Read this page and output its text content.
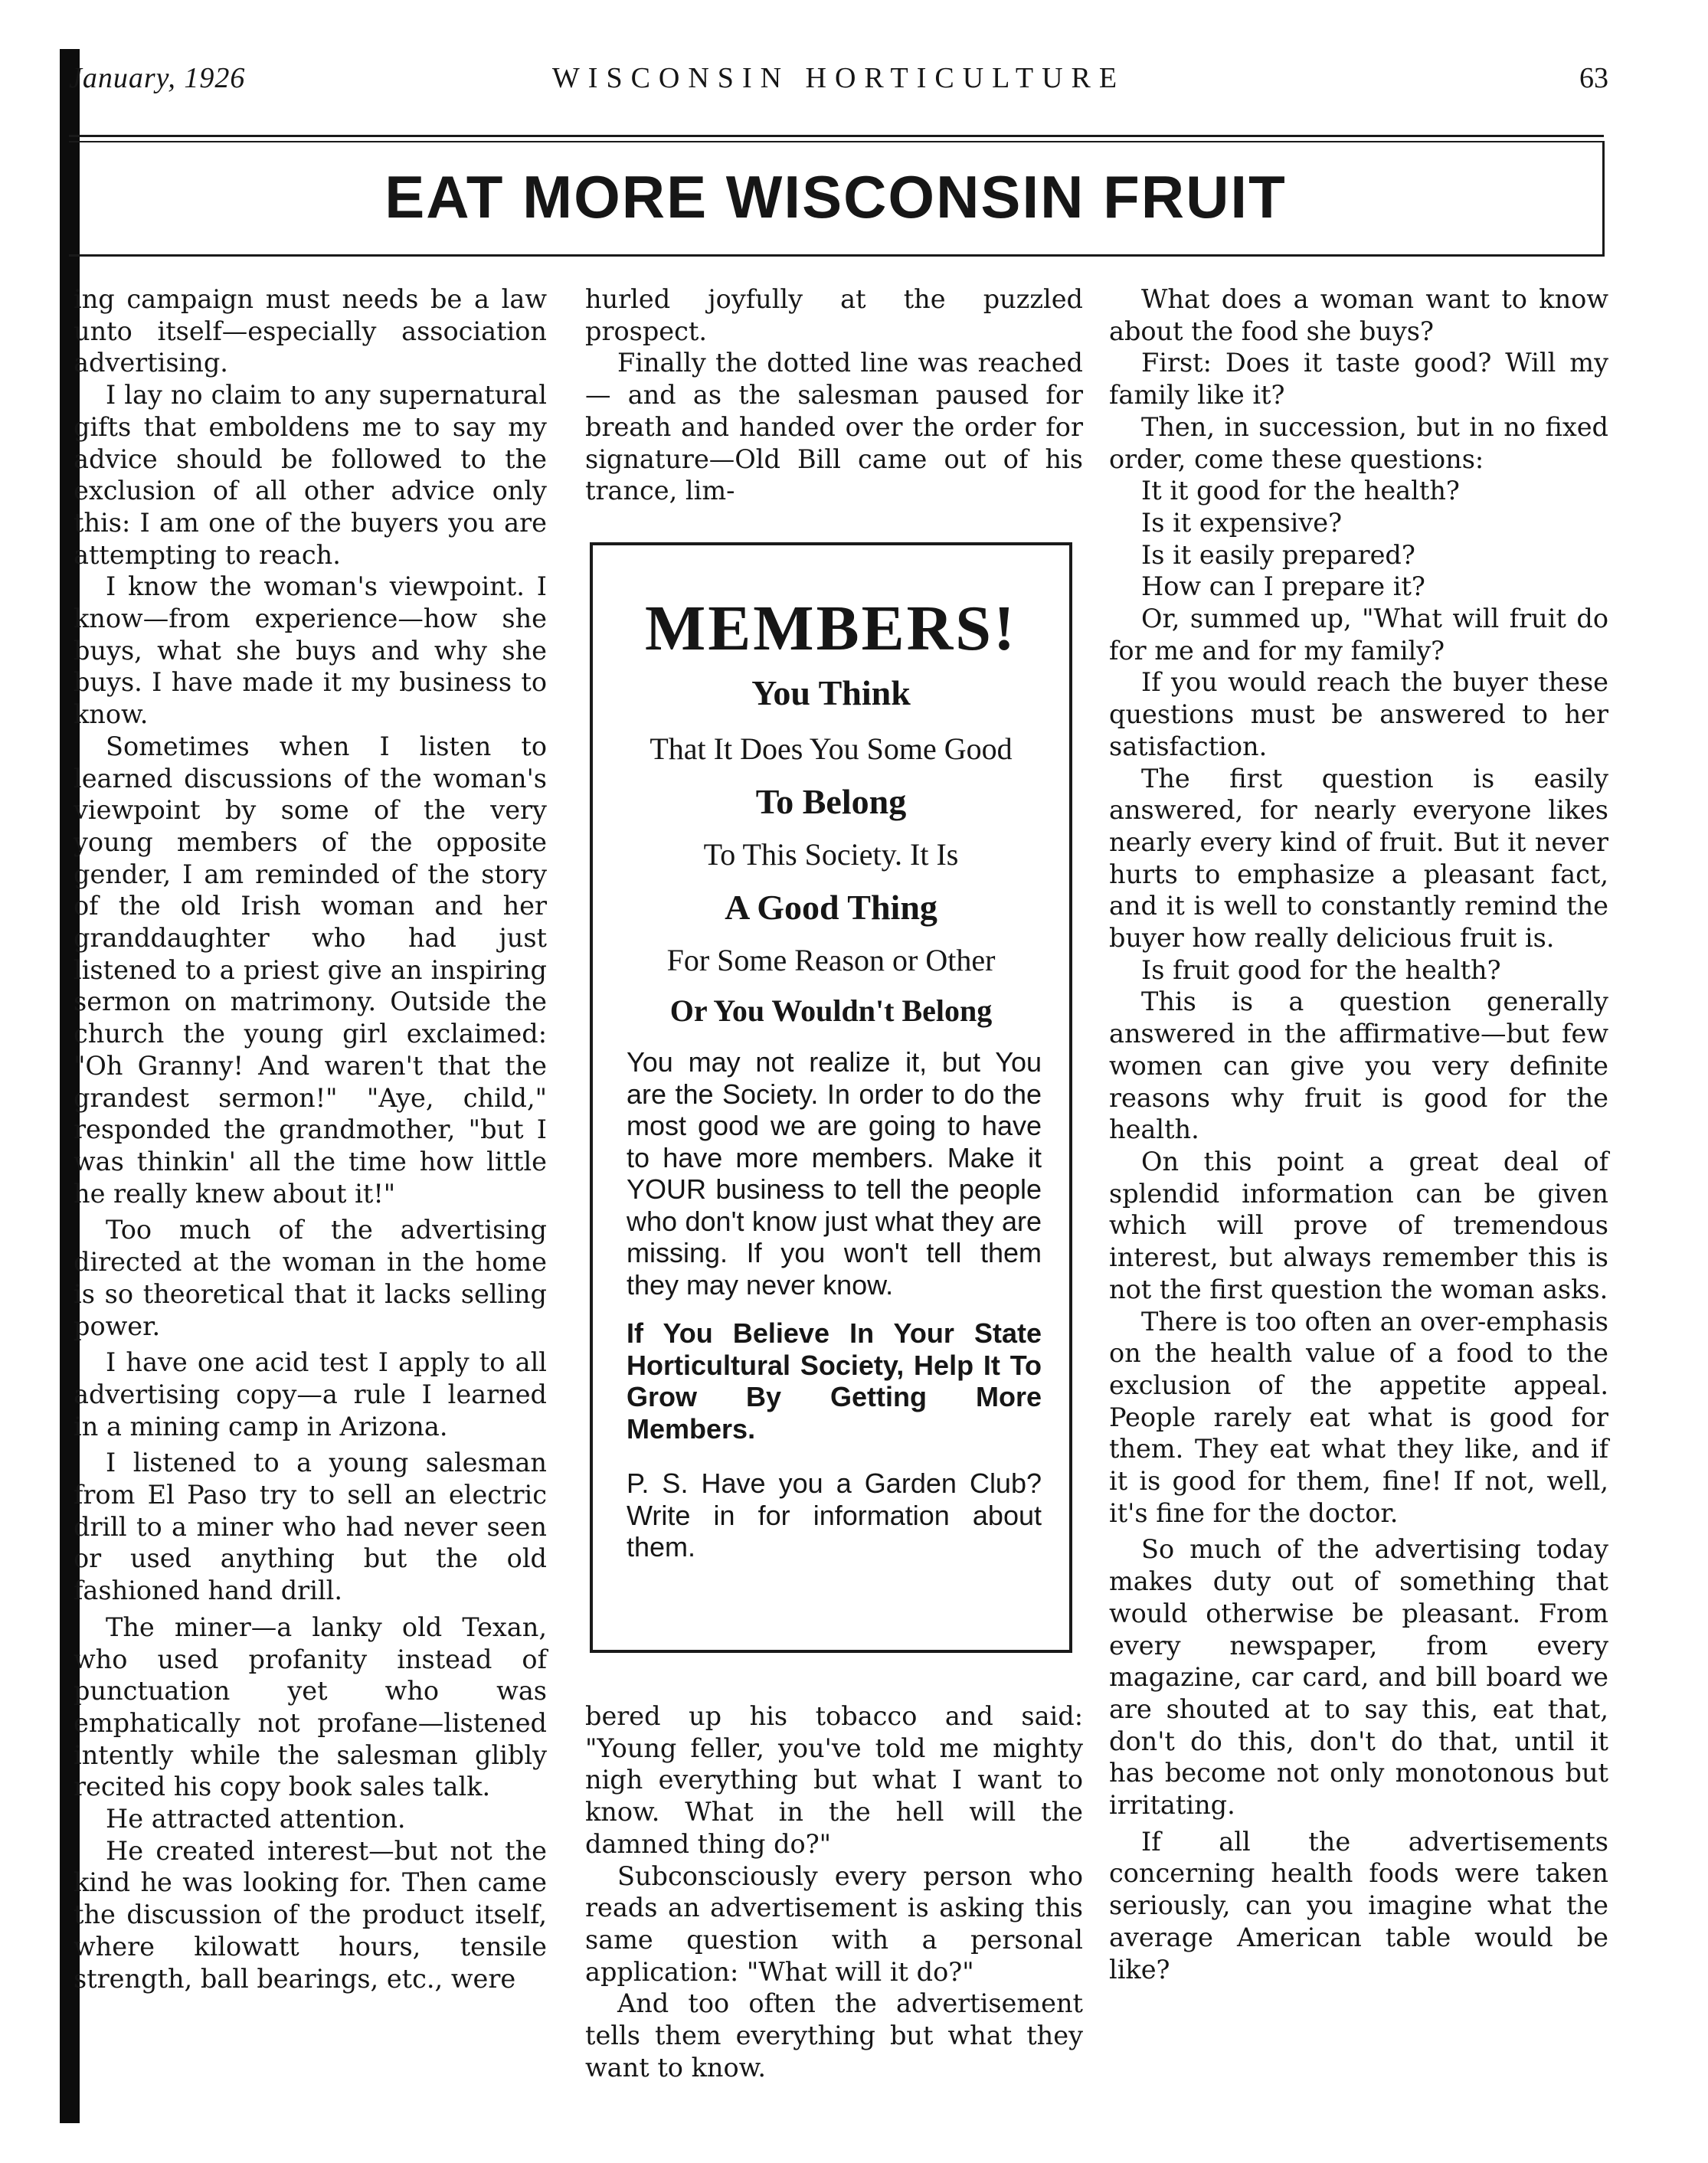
January, 1926	WISCONSIN HORTICULTURE	63
EAT MORE WISCONSIN FRUIT

ing campaign must needs be a law unto itself—especially association advertising.

I lay no claim to any supernatural gifts that emboldens me to say my advice should be followed to the exclusion of all other advice only this: I am one of the buyers you are attempting to reach.

I know the woman's viewpoint. I know—from experience—how she buys, what she buys and why she buys. I have made it my business to know.

Sometimes when I listen to learned discussions of the woman's viewpoint by some of the very young members of the opposite gender, I am reminded of the story of the old Irish woman and her granddaughter who had just listened to a priest give an inspiring sermon on matrimony. Outside the church the young girl exclaimed: "Oh Granny! And waren't that the grandest sermon!" "Aye, child," responded the grandmother, "but I was thinkin' all the time how little he really knew about it!"

Too much of the advertising directed at the woman in the home is so theoretical that it lacks selling power.

I have one acid test I apply to all advertising copy—a rule I learned in a mining camp in Arizona.

I listened to a young salesman from El Paso try to sell an electric drill to a miner who had never seen or used anything but the old fashioned hand drill.

The miner—a lanky old Texan, who used profanity instead of punctuation yet who was emphatically not profane—listened intently while the salesman glibly recited his copy book sales talk.

He attracted attention.

He created interest—but not the kind he was looking for. Then came the discussion of the product itself, where kilowatt hours, tensile strength, ball bearings, etc., were

hurled joyfully at the puzzled prospect.

Finally the dotted line was reached — and as the salesman paused for breath and handed over the order for signature—Old Bill came out of his trance, lim-

MEMBERS!
You Think
That It Does You Some Good
To Belong
To This Society. It Is
A Good Thing
For Some Reason or Other
Or You Wouldn't Belong
You may not realize it, but You are the Society. In order to do the most good we are going to have to have more members. Make it YOUR business to tell the people who don't know just what they are missing. If you won't tell them they may never know.
If You Believe In Your State Horticultural Society, Help It To Grow By Getting More Members.
P. S. Have you a Garden Club? Write in for information about them.

bered up his tobacco and said: "Young feller, you've told me mighty nigh everything but what I want to know. What in the hell will the damned thing do?"

Subconsciously every person who reads an advertisement is asking this same question with a personal application: "What will it do?"

And too often the advertisement tells them everything but what they want to know.

What does a woman want to know about the food she buys?

First: Does it taste good? Will my family like it?

Then, in succession, but in no fixed order, come these questions:

It it good for the health?

Is it expensive?

Is it easily prepared?

How can I prepare it?

Or, summed up, "What will fruit do for me and for my family?

If you would reach the buyer these questions must be answered to her satisfaction.

The first question is easily answered, for nearly everyone likes nearly every kind of fruit. But it never hurts to emphasize a pleasant fact, and it is well to constantly remind the buyer how really delicious fruit is.

Is fruit good for the health?

This is a question generally answered in the affirmative—but few women can give you very definite reasons why fruit is good for the health.

On this point a great deal of splendid information can be given which will prove of tremendous interest, but always remember this is not the first question the woman asks.

There is too often an over-emphasis on the health value of a food to the exclusion of the appetite appeal. People rarely eat what is good for them. They eat what they like, and if it is good for them, fine! If not, well, it's fine for the doctor.

So much of the advertising today makes duty out of something that would otherwise be pleasant. From every newspaper, from every magazine, car card, and bill board we are shouted at to say this, eat that, don't do this, don't do that, until it has become not only monotonous but irritating.

If all the advertisements concerning health foods were taken seriously, can you imagine what the average American table would be like?
